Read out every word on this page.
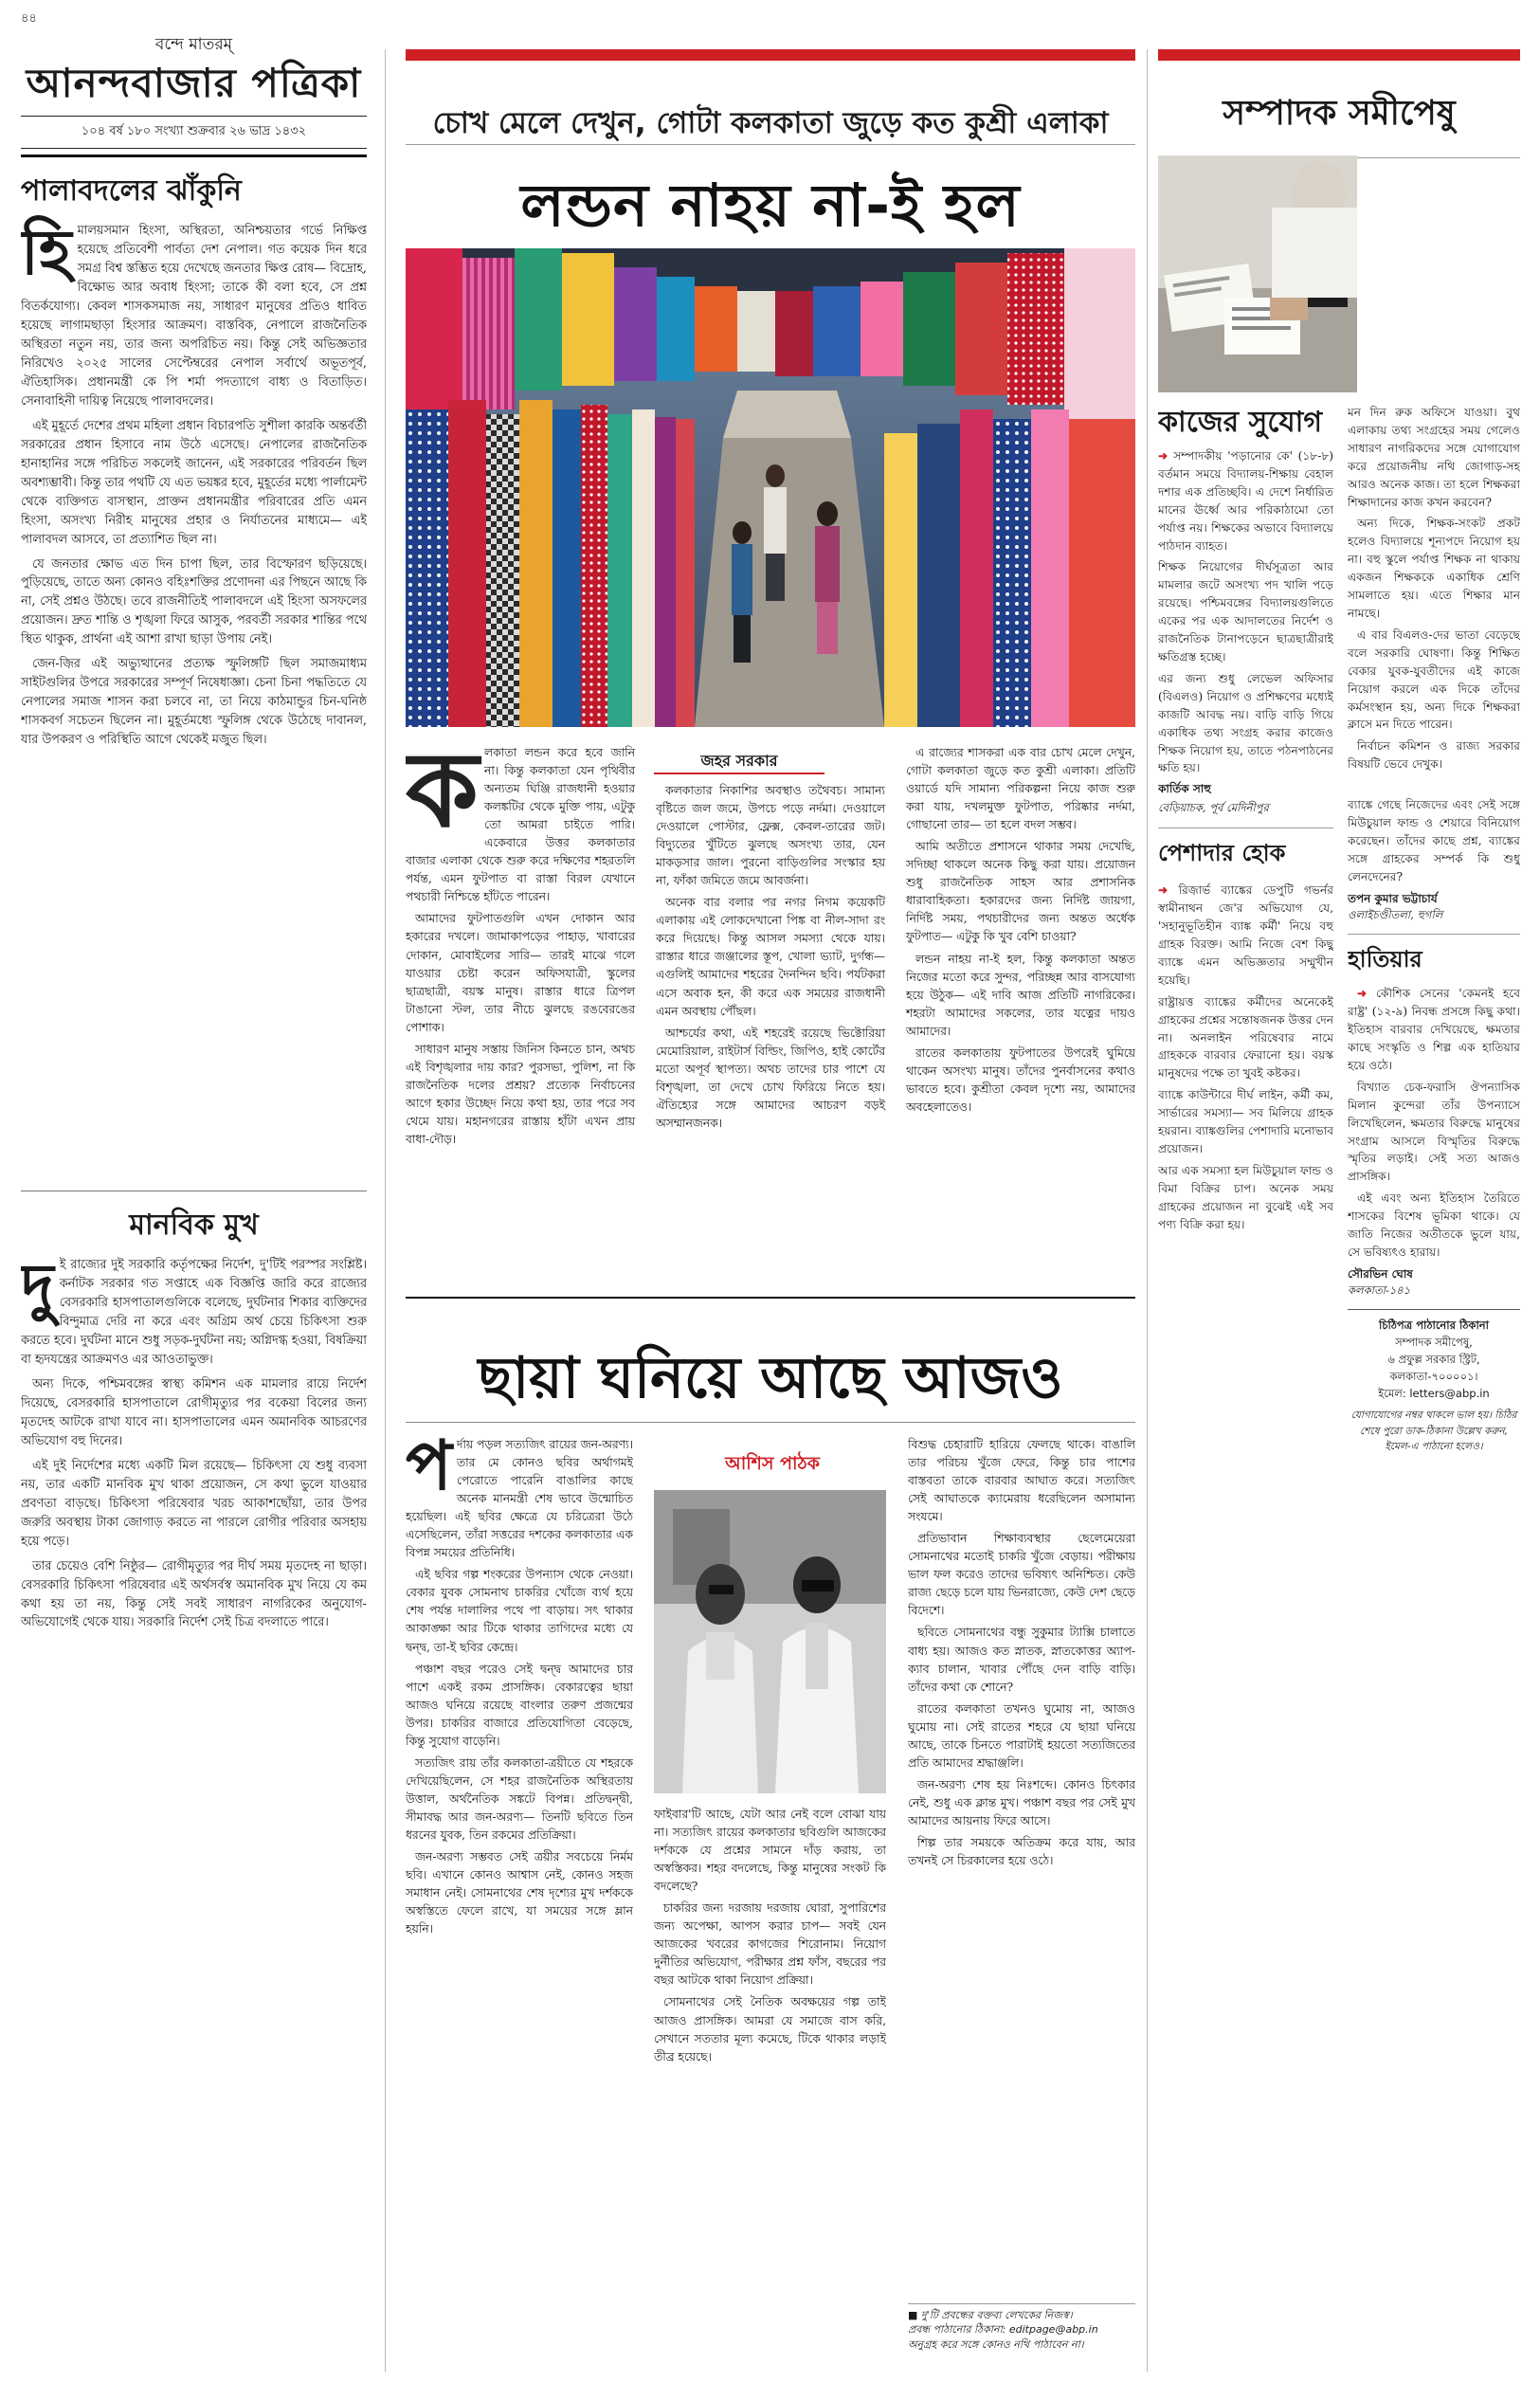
৪৪
বন্দে মাতরম্
আনন্দবাজার পত্রিকা
১০৪ বর্ষ ১৮০ সংখ্যা শুক্রবার ২৬ ভাদ্র ১৪৩২
পালাবদলের ঝাঁকুনি
হি মালয়সমান হিংসা, অস্থিরতা, অনিশ্চয়তার গর্ভে নিক্ষিপ্ত হয়েছে প্রতিবেশী পার্বত্য দেশ নেপাল। গত কয়েক দিন ধরে সমগ্র বিশ্ব স্তম্ভিত হয়ে দেখেছে জনতার ক্ষিপ্ত রোষ— বিদ্রোহ, বিক্ষোভ আর অবাধ হিংসা; তাকে কী বলা হবে, সে প্রশ্ন বিতর্কযোগ্য। কেবল শাসকসমাজ নয়, সাধারণ মানুষের প্রতিও ধাবিত হয়েছে লাগামছাড়া হিংসার আক্রমণ। বাস্তবিক, নেপালে রাজনৈতিক অস্থিরতা নতুন নয়, তার জন্য অপরিচিত নয়। কিন্তু সেই অভিজ্ঞতার নিরিখেও ২০২৫ সালের সেপ্টেম্বরের নেপাল সর্বার্থে অভূতপূর্ব, ঐতিহাসিক। প্রধানমন্ত্রী কে পি শর্মা পদত্যাগে বাধ্য ও বিতাড়িত। সেনাবাহিনী দায়িত্ব নিয়েছে পালাবদলের।

এই মুহূর্তে দেশের প্রথম মহিলা প্রধান বিচারপতি সুশীলা কারকি অন্তর্বর্তী সরকারের প্রধান হিসাবে নাম উঠে এসেছে। নেপালের রাজনৈতিক হানাহানির সঙ্গে পরিচিত সকলেই জানেন, এই সরকারের পরিবর্তন ছিল অবশ্যম্ভাবী। কিন্তু তার পথটি যে এত ভয়ঙ্কর হবে, মুহূর্তের মধ্যে পার্লামেন্ট থেকে ব্যক্তিগত বাসস্থান, প্রাক্তন প্রধানমন্ত্রীর পরিবারের প্রতি এমন হিংসা, অসংখ্য নিরীহ মানুষের প্রহার ও নির্যাতনের মাধ্যমে— এই পালাবদল আসবে, তা প্রত্যাশিত ছিল না।

যে জনতার ক্ষোভ এত দিন চাপা ছিল, তার বিস্ফোরণ ছড়িয়েছে। পুড়িয়েছে, তাতে অন্য কোনও বহিঃশক্তির প্রণোদনা এর পিছনে আছে কি না, সেই প্রশ্নও উঠছে। তবে রাজনীতিই পালাবদলে এই হিংসা অসফলের প্রয়োজন। দ্রুত শান্তি ও শৃঙ্খলা ফিরে আসুক, পরবর্তী সরকার শান্তির পথে স্থিত থাকুক, প্রার্থনা এই আশা রাখা ছাড়া উপায় নেই।

জেন-জ়ির এই অভ্যুত্থানের প্রত্যক্ষ স্ফুলিঙ্গটি ছিল সমাজমাধ্যম সাইটগুলির উপরে সরকারের সম্পূর্ণ নিষেধাজ্ঞা। চেনা চিনা পদ্ধতিতে যে নেপালের সমাজ শাসন করা চলবে না, তা নিয়ে কাঠমান্ডুর চিন-ঘনিষ্ঠ শাসকবর্গ সচেতন ছিলেন না। মুহূর্তমধ্যে স্ফুলিঙ্গ থেকে উঠেছে দাবানল, যার উপকরণ ও পরিস্থিতি আগে থেকেই মজুত ছিল।

মানবিক মুখ
দু ই রাজ্যের দুই সরকারি কর্তৃপক্ষের নির্দেশ, দু'টিই পরস্পর সংশ্লিষ্ট। কর্নাটক সরকার গত সপ্তাহে এক বিজ্ঞপ্তি জারি করে রাজ্যের বেসরকারি হাসপাতালগুলিকে বলেছে, দুর্ঘটনার শিকার ব্যক্তিদের বিন্দুমাত্র দেরি না করে এবং অগ্রিম অর্থ চেয়ে চিকিৎসা শুরু করতে হবে। দুর্ঘটনা মানে শুধু সড়ক-দুর্ঘটনা নয়; অগ্নিদগ্ধ হওয়া, বিষক্রিয়া বা হৃদযন্ত্রের আক্রমণও এর আওতাভুক্ত।

অন্য দিকে, পশ্চিমবঙ্গের স্বাস্থ্য কমিশন এক মামলার রায়ে নির্দেশ দিয়েছে, বেসরকারি হাসপাতালে রোগীমৃত্যুর পর বকেয়া বিলের জন্য মৃতদেহ আটকে রাখা যাবে না। হাসপাতালের এমন অমানবিক আচরণের অভিযোগ বহু দিনের।

এই দুই নির্দেশের মধ্যে একটি মিল রয়েছে— চিকিৎসা যে শুধু ব্যবসা নয়, তার একটি মানবিক মুখ থাকা প্রয়োজন, সে কথা ভুলে যাওয়ার প্রবণতা বাড়ছে। চিকিৎসা পরিষেবার খরচ আকাশছোঁয়া, তার উপর জরুরি অবস্থায় টাকা জোগাড় করতে না পারলে রোগীর পরিবার অসহায় হয়ে পড়ে।

তার চেয়েও বেশি নিষ্ঠুর— রোগীমৃত্যুর পর দীর্ঘ সময় মৃতদেহ না ছাড়া। বেসরকারি চিকিৎসা পরিষেবার এই অর্থসর্বস্ব অমানবিক মুখ নিয়ে যে কম কথা হয় তা নয়, কিন্তু সেই সবই সাধারণ নাগরিকের অনুযোগ-অভিযোগেই থেকে যায়। সরকারি নির্দেশ সেই চিত্র বদলাতে পারে।

চোখ মেলে দেখুন, গোটা কলকাতা জুড়ে কত কুশ্রী এলাকা
লন্ডন নাহয় না-ই হল
ক লকাতা লন্ডন করে হবে জানি না। কিন্তু কলকাতা যেন পৃথিবীর অন্যতম ঘিঞ্জি রাজধানী হওয়ার কলঙ্কটির থেকে মুক্তি পায়, এটুকু তো আমরা চাইতে পারি। একেবারে উত্তর কলকাতার বাজার এলাকা থেকে শুরু করে দক্ষিণের শহরতলি পর্যন্ত, এমন ফুটপাত বা রাস্তা বিরল যেখানে পথচারী নিশ্চিন্তে হাঁটতে পারেন।

আমাদের ফুটপাতগুলি এখন দোকান আর হকারের দখলে। জামাকাপড়ের পাহাড়, খাবারের দোকান, মোবাইলের সারি— তারই মাঝে গলে যাওয়ার চেষ্টা করেন অফিসযাত্রী, স্কুলের ছাত্রছাত্রী, বয়স্ক মানুষ। রাস্তার ধারে ত্রিপল টাঙানো স্টল, তার নীচে ঝুলছে রঙবেরঙের পোশাক।

সাধারণ মানুষ সস্তায় জিনিস কিনতে চান, অথচ এই বিশৃঙ্খলার দায় কার? পুরসভা, পুলিশ, না কি রাজনৈতিক দলের প্রশ্রয়? প্রত্যেক নির্বাচনের আগে হকার উচ্ছেদ নিয়ে কথা হয়, তার পরে সব থেমে যায়। মহানগরের রাস্তায় হাঁটা এখন প্রায় বাধা-দৌড়।

কলকাতার নিকাশির অবস্থাও তথৈবচ। সামান্য বৃষ্টিতে জল জমে, উপচে পড়ে নর্দমা। দেওয়ালে দেওয়ালে পোস্টার, ফ্লেক্স, কেবল-তারের জট। বিদ্যুতের খুঁটিতে ঝুলছে অসংখ্য তার, যেন মাকড়সার জাল। পুরনো বাড়িগুলির সংস্কার হয় না, ফাঁকা জমিতে জমে আবর্জনা।

অনেক বার বলার পর নগর নিগম কয়েকটি এলাকায় এই লোকদেখানো পিঙ্ক বা নীল-সাদা রং করে দিয়েছে। কিন্তু আসল সমস্যা থেকে যায়। রাস্তার ধারে জঞ্জালের স্তূপ, খোলা ভ্যাট, দুর্গন্ধ— এগুলিই আমাদের শহরের দৈনন্দিন ছবি। পর্যটকরা এসে অবাক হন, কী করে এক সময়ের রাজধানী এমন অবস্থায় পৌঁছল।

আশ্চর্যের কথা, এই শহরেই রয়েছে ভিক্টোরিয়া মেমোরিয়াল, রাইটার্স বিল্ডিং, জিপিও, হাই কোর্টের মতো অপূর্ব স্থাপত্য। অথচ তাদের চার পাশে যে বিশৃঙ্খলা, তা দেখে চোখ ফিরিয়ে নিতে হয়। ঐতিহ্যের সঙ্গে আমাদের আচরণ বড়ই অসম্মানজনক।

এ রাজ্যের শাসকরা এক বার চোখ মেলে দেখুন, গোটা কলকাতা জুড়ে কত কুশ্রী এলাকা। প্রতিটি ওয়ার্ডে যদি সামান্য পরিকল্পনা নিয়ে কাজ শুরু করা যায়, দখলমুক্ত ফুটপাত, পরিষ্কার নর্দমা, গোছানো তার— তা হলে বদল সম্ভব।

আমি অতীতে প্রশাসনে থাকার সময় দেখেছি, সদিচ্ছা থাকলে অনেক কিছু করা যায়। প্রয়োজন শুধু রাজনৈতিক সাহস আর প্রশাসনিক ধারাবাহিকতা। হকারদের জন্য নির্দিষ্ট জায়গা, নির্দিষ্ট সময়, পথচারীদের জন্য অন্তত অর্ধেক ফুটপাত— এটুকু কি খুব বেশি চাওয়া?

লন্ডন নাহয় না-ই হল, কিন্তু কলকাতা অন্তত নিজের মতো করে সুন্দর, পরিচ্ছন্ন আর বাসযোগ্য হয়ে উঠুক— এই দাবি আজ প্রতিটি নাগরিকের। শহরটা আমাদের সকলের, তার যত্নের দায়ও আমাদের।

রাতের কলকাতায় ফুটপাতের উপরেই ঘুমিয়ে থাকেন অসংখ্য মানুষ। তাঁদের পুনর্বাসনের কথাও ভাবতে হবে। কুশ্রীতা কেবল দৃশ্যে নয়, আমাদের অবহেলাতেও।

জহর সরকার
ছায়া ঘনিয়ে আছে আজও
প র্দায় পড়ল সত্যজিৎ রায়ের জন-অরণ্য। তার মে কোনও ছবির অর্থাগমই পেরোতে পারেনি বাঙালির কাছে অনেক মানমন্ত্রী শেষ ভাবে উন্মোচিত হয়েছিল। এই ছবির ক্ষেত্রে যে চরিত্রেরা উঠে এসেছিলেন, তাঁরা সত্তরের দশকের কলকাতার এক বিপন্ন সময়ের প্রতিনিধি।

এই ছবির গল্প শংকরের উপন্যাস থেকে নেওয়া। বেকার যুবক সোমনাথ চাকরির খোঁজে ব্যর্থ হয়ে শেষ পর্যন্ত দালালির পথে পা বাড়ায়। সৎ থাকার আকাঙ্ক্ষা আর টিকে থাকার তাগিদের মধ্যে যে দ্বন্দ্ব, তা-ই ছবির কেন্দ্রে।

পঞ্চাশ বছর পরেও সেই দ্বন্দ্ব আমাদের চার পাশে একই রকম প্রাসঙ্গিক। বেকারত্বের ছায়া আজও ঘনিয়ে রয়েছে বাংলার তরুণ প্রজন্মের উপর। চাকরির বাজারে প্রতিযোগিতা বেড়েছে, কিন্তু সুযোগ বাড়েনি।

সত্যজিৎ রায় তাঁর কলকাতা-ত্রয়ীতে যে শহরকে দেখিয়েছিলেন, সে শহর রাজনৈতিক অস্থিরতায় উত্তাল, অর্থনৈতিক সঙ্কটে বিপন্ন। প্রতিদ্বন্দ্বী, সীমাবদ্ধ আর জন-অরণ্য— তিনটি ছবিতে তিন ধরনের যুবক, তিন রকমের প্রতিক্রিয়া।

জন-অরণ্য সম্ভবত সেই ত্রয়ীর সবচেয়ে নির্মম ছবি। এখানে কোনও আশ্বাস নেই, কোনও সহজ সমাধান নেই। সোমনাথের শেষ দৃশ্যের মুখ দর্শককে অস্বস্তিতে ফেলে রাখে, যা সময়ের সঙ্গে ম্লান হয়নি।

আশিস পাঠক

ফাইবার'টি আছে, যেটা আর নেই বলে বোঝা যায় না। সত্যজিৎ রায়ের কলকাতার ছবিগুলি আজকের দর্শককে যে প্রশ্নের সামনে দাঁড় করায়, তা অস্বস্তিকর। শহর বদলেছে, কিন্তু মানুষের সংকট কি বদলেছে?

চাকরির জন্য দরজায় দরজায় ঘোরা, সুপারিশের জন্য অপেক্ষা, আপস করার চাপ— সবই যেন আজকের খবরের কাগজের শিরোনাম। নিয়োগ দুর্নীতির অভিযোগ, পরীক্ষার প্রশ্ন ফাঁস, বছরের পর বছর আটকে থাকা নিয়োগ প্রক্রিয়া।

সোমনাথের সেই নৈতিক অবক্ষয়ের গল্প তাই আজও প্রাসঙ্গিক। আমরা যে সমাজে বাস করি, সেখানে সততার মূল্য কমেছে, টিকে থাকার লড়াই তীব্র হয়েছে।

বিশুদ্ধ চেহারাটি হারিয়ে ফেলছে থাকে। বাঙালি তার পরিচয় খুঁজে ফেরে, কিন্তু চার পাশের বাস্তবতা তাকে বারবার আঘাত করে। সত্যজিৎ সেই আঘাতকে ক্যামেরায় ধরেছিলেন অসামান্য সংযমে।

প্রতিভাবান শিক্ষাব্যবস্থার ছেলেমেয়েরা সোমনাথের মতোই চাকরি খুঁজে বেড়ায়। পরীক্ষায় ভাল ফল করেও তাদের ভবিষ্যৎ অনিশ্চিত। কেউ রাজ্য ছেড়ে চলে যায় ভিনরাজ্যে, কেউ দেশ ছেড়ে বিদেশে।

ছবিতে সোমনাথের বন্ধু সুকুমার ট্যাক্সি চালাতে বাধ্য হয়। আজও কত স্নাতক, স্নাতকোত্তর অ্যাপ-ক্যাব চালান, খাবার পৌঁছে দেন বাড়ি বাড়ি। তাঁদের কথা কে শোনে?

রাতের কলকাতা তখনও ঘুমোয় না, আজও ঘুমোয় না। সেই রাতের শহরে যে ছায়া ঘনিয়ে আছে, তাকে চিনতে পারাটাই হয়তো সত্যজিতের প্রতি আমাদের শ্রদ্ধাঞ্জলি।

জন-অরণ্য শেষ হয় নিঃশব্দে। কোনও চিৎকার নেই, শুধু এক ক্লান্ত মুখ। পঞ্চাশ বছর পর সেই মুখ আমাদের আয়নায় ফিরে আসে।

শিল্প তার সময়কে অতিক্রম করে যায়, আর তখনই সে চিরকালের হয়ে ওঠে।

■ দু'টি প্রবন্ধের বক্তব্য লেখকের নিজস্ব।
প্রবন্ধ পাঠানোর ঠিকানা: editpage@abp.in
অনুগ্রহ করে সঙ্গে কোনও নথি পাঠাবেন না।
সম্পাদক সমীপেষু
কাজের সুযোগ

➜ সম্পাদকীয় 'পড়ানোর কে' (১৮-৮) বর্তমান সময়ে বিদ্যালয়-শিক্ষায় বেহাল দশার এক প্রতিচ্ছবি। এ দেশে নির্ধারিত মানের ঊর্ধ্বে আর পরিকাঠামো তো পর্যাপ্ত নয়। শিক্ষকের অভাবে বিদ্যালয়ে পাঠদান ব্যাহত।

শিক্ষক নিয়োগের দীর্ঘসূত্রতা আর মামলার জটে অসংখ্য পদ খালি পড়ে রয়েছে। পশ্চিমবঙ্গের বিদ্যালয়গুলিতে একের পর এক আদালতের নির্দেশ ও রাজনৈতিক টানাপড়েনে ছাত্রছাত্রীরাই ক্ষতিগ্রস্ত হচ্ছে।

এর জন্য শুধু লেভেল অফিসার (বিএলও) নিয়োগ ও প্রশিক্ষণের মধ্যেই কাজটি আবদ্ধ নয়। বাড়ি বাড়ি গিয়ে একাধিক তথ্য সংগ্রহ করার কাজেও শিক্ষক নিয়োগ হয়, তাতে পঠনপাঠনের ক্ষতি হয়।

কার্তিক সাহু
বেড়িয়াচক, পূর্ব মেদিনীপুর
পেশাদার হোক

➜ রিজ়ার্ভ ব্যাঙ্কের ডেপুটি গভর্নর স্বামীনাথন জে'র অভিযোগ যে, 'সহানুভূতিহীন ব্যাঙ্ক কর্মী' নিয়ে বহু গ্রাহক বিরক্ত। আমি নিজে বেশ কিছু ব্যাঙ্কে এমন অভিজ্ঞতার সম্মুখীন হয়েছি।

রাষ্ট্রায়ত্ত ব্যাঙ্কের কর্মীদের অনেকেই গ্রাহকের প্রশ্নের সন্তোষজনক উত্তর দেন না। অনলাইন পরিষেবার নামে গ্রাহককে বারবার ফেরানো হয়। বয়স্ক মানুষদের পক্ষে তা খুবই কষ্টকর।

ব্যাঙ্কে কাউন্টারে দীর্ঘ লাইন, কর্মী কম, সার্ভারের সমস্যা— সব মিলিয়ে গ্রাহক হয়রান। ব্যাঙ্কগুলির পেশাদারি মনোভাব প্রয়োজন।

আর এক সমস্যা হল মিউচুয়াল ফান্ড ও বিমা বিক্রির চাপ। অনেক সময় গ্রাহকের প্রয়োজন না বুঝেই এই সব পণ্য বিক্রি করা হয়।

মন দিন রুক অফিসে যাওয়া। বুথ এলাকায় তথ্য সংগ্রহের সময় গেলেও সাধারণ নাগরিকদের সঙ্গে যোগাযোগ করে প্রয়োজনীয় নথি জোগাড়-সহ আরও অনেক কাজ। তা হলে শিক্ষকরা শিক্ষাদানের কাজ কখন করবেন?

অন্য দিকে, শিক্ষক-সংকট প্রকট হলেও বিদ্যালয়ে শূন্যপদে নিয়োগ হয় না। বহু স্কুলে পর্যাপ্ত শিক্ষক না থাকায় একজন শিক্ষককে একাধিক শ্রেণি সামলাতে হয়। এতে শিক্ষার মান নামছে।

এ বার বিএলও-দের ভাতা বেড়েছে বলে সরকারি ঘোষণা। কিন্তু শিক্ষিত বেকার যুবক-যুবতীদের এই কাজে নিয়োগ করলে এক দিকে তাঁদের কর্মসংস্থান হয়, অন্য দিকে শিক্ষকরা ক্লাসে মন দিতে পারেন।

নির্বাচন কমিশন ও রাজ্য সরকার বিষয়টি ভেবে দেখুক।

ব্যাঙ্কে গেছে নিজেদের এবং সেই সঙ্গে মিউচুয়াল ফান্ড ও শেয়ারে বিনিয়োগ করেছেন। তাঁদের কাছে প্রশ্ন, ব্যাঙ্কের সঙ্গে গ্রাহকের সম্পর্ক কি শুধু লেনদেনের?

তপন কুমার ভট্টাচার্য
ওলাইচণ্ডীতলা, হুগলি
হাতিয়ার

➜ কৌশিক সেনের 'কেমনই হবে রাষ্ট্র' (১২-৯) নিবন্ধ প্রসঙ্গে কিছু কথা। ইতিহাস বারবার দেখিয়েছে, ক্ষমতার কাছে সংস্কৃতি ও শিল্প এক হাতিয়ার হয়ে ওঠে।

বিখ্যাত চেক-ফরাসি ঔপন্যাসিক মিলান কুন্দেরা তাঁর উপন্যাসে লিখেছিলেন, ক্ষমতার বিরুদ্ধে মানুষের সংগ্রাম আসলে বিস্মৃতির বিরুদ্ধে স্মৃতির লড়াই। সেই সত্য আজও প্রাসঙ্গিক।

এই এবং অন্য ইতিহাস তৈরিতে শাসকের বিশেষ ভূমিকা থাকে। যে জাতি নিজের অতীতকে ভুলে যায়, সে ভবিষ্যৎও হারায়।

সৌরভিন ঘোষ
কলকাতা-১৪১
চিঠিপত্র পাঠানোর ঠিকানা
সম্পাদক সমীপেষু,
৬ প্রফুল্ল সরকার স্ট্রিট,
কলকাতা-৭০০০০১।
ইমেল: letters@abp.in
যোগাযোগের নম্বর থাকলে ভাল হয়। চিঠির শেষে পুরো ডাক-ঠিকানা উল্লেখ করুন, ইমেল-এ পাঠানো হলেও।
